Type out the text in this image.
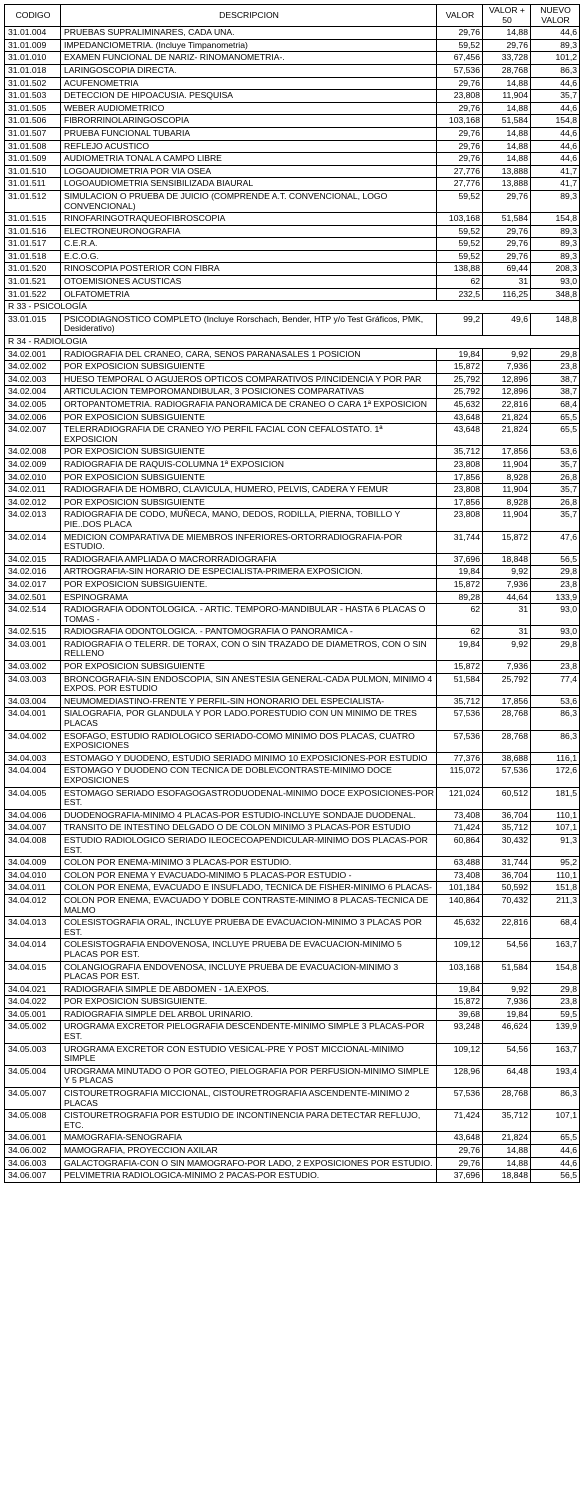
CODIGO	DESCRIPCION	VALOR	VALOR + 50	NUEVO VALOR
31.01.004	PRUEBAS SUPRALIMINARES, CADA UNA.	29,76	14,88	44,6
31.01.009	IMPEDANCIOMETRIA. (Incluye Timpanometria)	59,52	29,76	89,3
31.01.010	EXAMEN FUNCIONAL DE NARIZ- RINOMANOMETRIA-.	67,456	33,728	101,2
31.01.018	LARINGOSCOPIA DIRECTA.	57,536	28,768	86,3
31.01.502	ACUFENOMETRIA	29,76	14,88	44,6
31.01.503	DETECCION DE HIPOACUSIA. PESQUISA	23,808	11,904	35,7
31.01.505	WEBER AUDIOMETRICO	29,76	14,88	44,6
31.01.506	FIBRORRINOLARINGOSCOPIA	103,168	51,584	154,8
31.01.507	PRUEBA FUNCIONAL TUBARIA	29,76	14,88	44,6
31.01.508	REFLEJO ACUSTICO	29,76	14,88	44,6
31.01.509	AUDIOMETRIA TONAL A CAMPO LIBRE	29,76	14,88	44,6
31.01.510	LOGOAUDIOMETRIA POR VIA OSEA	27,776	13,888	41,7
31.01.511	LOGOAUDIOMETRIA SENSIBILIZADA BIAURAL	27,776	13,888	41,7
31.01.512	SIMULACION O PRUEBA DE JUICIO (COMPRENDE A.T. CONVENCIONAL, LOGO CONVENCIONAL)	59,52	29,76	89,3
31.01.515	RINOFARINGOTRAQUEOFIBROSCOPIA	103,168	51,584	154,8
31.01.516	ELECTRONEURONOGRAFIA	59,52	29,76	89,3
31.01.517	C.E.R.A.	59,52	29,76	89,3
31.01.518	E.C.O.G.	59,52	29,76	89,3
31.01.520	RINOSCOPIA POSTERIOR CON FIBRA	138,88	69,44	208,3
31.01.521	OTOEMISIONES ACUSTICAS	62	31	93,0
31.01.522	OLFATOMETRIA	232,5	116,25	348,8
R 33 - PSICOLOGÍA				
33.01.015	PSICODIAGNOSTICO COMPLETO (Incluye Rorschach, Bender, HTP y/o Test Gráficos, PMK, Desiderativo)	99,2	49,6	148,8
R 34 - RADIOLOGIA				
34.02.001	RADIOGRAFIA DEL CRANEO, CARA, SENOS PARANASALES 1 POSICION	19,84	9,92	29,8
34.02.002	POR EXPOSICION SUBSIGUIENTE	15,872	7,936	23,8
34.02.003	HUESO TEMPORAL O AGUJEROS OPTICOS COMPARATIVOS P/INCIDENCIA Y POR PAR	25,792	12,896	38,7
34.02.004	ARTICULACION TEMPOROMANDIBULAR, 3 POSICIONES COMPARATIVAS	25,792	12,896	38,7
34.02.005	ORTOPANTOMETRIA. RADIOGRAFIA PANORAMICA DE CRANEO O CARA 1ª EXPOSICION	45,632	22,816	68,4
34.02.006	POR EXPOSICION SUBSIGUIENTE	43,648	21,824	65,5
34.02.007	TELERRADIOGRAFIA DE CRANEO Y/O PERFIL FACIAL CON CEFALOSTATO. 1ª EXPOSICION	43,648	21,824	65,5
34.02.008	POR EXPOSICION SUBSIGUIENTE	35,712	17,856	53,6
34.02.009	RADIOGRAFIA DE RAQUIS-COLUMNA 1ª EXPOSICION	23,808	11,904	35,7
34.02.010	POR EXPOSICION SUBSIGUIENTE	17,856	8,928	26,8
34.02.011	RADIOGRAFIA DE HOMBRO, CLAVICULA, HUMERO, PELVIS, CADERA Y FEMUR	23,808	11,904	35,7
34.02.012	POR EXPOSICION SUBSIGUIENTE	17,856	8,928	26,8
34.02.013	RADIOGRAFIA DE CODO, MUÑECA, MANO, DEDOS, RODILLA, PIERNA, TOBILLO Y PIE..DOS PLACA	23,808	11,904	35,7
34.02.014	MEDICION COMPARATIVA DE MIEMBROS INFERIORES-ORTORRADIOGRAFIA-POR ESTUDIO.	31,744	15,872	47,6
34.02.015	RADIOGRAFIA AMPLIADA O MACRORRADIOGRAFIA	37,696	18,848	56,5
34.02.016	ARTROGRAFIA-SIN HORARIO DE ESPECIALISTA-PRIMERA EXPOSICION.	19,84	9,92	29,8
34.02.017	POR EXPOSICION SUBSIGUIENTE.	15,872	7,936	23,8
34.02.501	ESPINOGRAMA	89,28	44,64	133,9
34.02.514	RADIOGRAFIA ODONTOLOGICA. - ARTIC. TEMPORO-MANDIBULAR - HASTA 6 PLACAS O TOMAS -	62	31	93,0
34.02.515	RADIOGRAFIA ODONTOLOGICA. - PANTOMOGRAFIA O PANORAMICA -	62	31	93,0
34.03.001	RADIOGRAFIA O TELERR. DE TORAX, CON O SIN TRAZADO DE DIAMETROS, CON O SIN RELLENO	19,84	9,92	29,8
34.03.002	POR EXPOSICION SUBSIGUIENTE	15,872	7,936	23,8
34.03.003	BRONCOGRAFIA-SIN ENDOSCOPIA, SIN ANESTESIA GENERAL-CADA PULMON, MINIMO 4 EXPOS. POR ESTUDIO	51,584	25,792	77,4
34.03.004	NEUMOMEDIASTINO-FRENTE Y PERFIL-SIN HONORARIO DEL ESPECIALISTA-	35,712	17,856	53,6
34.04.001	SIALOGRAFIA, POR GLANDULA Y POR LADO.PORESTUDIO CON UN MINIMO DE TRES PLACAS	57,536	28,768	86,3
34.04.002	ESOFAGO, ESTUDIO RADIOLOGICO SERIADO-COMO MINIMO DOS PLACAS, CUATRO EXPOSICIONES	57,536	28,768	86,3
34.04.003	ESTOMAGO Y DUODENO, ESTUDIO SERIADO MINIMO 10 EXPOSICIONES-POR ESTUDIO	77,376	38,688	116,1
34.04.004	ESTOMAGO Y DUODENO CON TECNICA DE DOBLE\CONTRASTE-MINIMO DOCE EXPOSICIONES	115,072	57,536	172,6
34.04.005	ESTOMAGO SERIADO ESOFAGOGASTRODUODENAL-MINIMO DOCE EXPOSICIONES-POR EST.	121,024	60,512	181,5
34.04.006	DUODENOGRAFIA-MINIMO 4 PLACAS-POR ESTUDIO-INCLUYE SONDAJE DUODENAL.	73,408	36,704	110,1
34.04.007	TRANSITO DE INTESTINO DELGADO O DE COLON MINIMO 3 PLACAS-POR ESTUDIO	71,424	35,712	107,1
34.04.008	ESTUDIO RADIOLOGICO SERIADO ILEOCECOAPENDICULAR-MINIMO DOS PLACAS-POR EST.	60,864	30,432	91,3
34.04.009	COLON POR ENEMA-MINIMO 3 PLACAS-POR ESTUDIO.	63,488	31,744	95,2
34.04.010	COLON POR ENEMA Y EVACUADO-MINIMO 5 PLACAS-POR ESTUDIO -	73,408	36,704	110,1
34.04.011	COLON POR ENEMA, EVACUADO E INSUFLADO, TECNICA DE FISHER-MINIMO 6 PLACAS-	101,184	50,592	151,8
34.04.012	COLON POR ENEMA, EVACUADO Y DOBLE CONTRASTE-MINIMO 8 PLACAS-TECNICA DE MALMO	140,864	70,432	211,3
34.04.013	COLESISTOGRAFIA ORAL, INCLUYE PRUEBA DE EVACUACION-MINIMO 3 PLACAS POR EST.	45,632	22,816	68,4
34.04.014	COLESISTOGRAFIA ENDOVENOSA, INCLUYE PRUEBA DE EVACUACION-MINIMO 5 PLACAS POR EST.	109,12	54,56	163,7
34.04.015	COLANGIOGRAFIA ENDOVENOSA, INCLUYE PRUEBA DE EVACUACION-MINIMO 3 PLACAS POR EST.	103,168	51,584	154,8
34.04.021	RADIOGRAFIA SIMPLE DE ABDOMEN - 1A.EXPOS.	19,84	9,92	29,8
34.04.022	POR EXPOSICION SUBSIGUIENTE.	15,872	7,936	23,8
34.05.001	RADIOGRAFIA SIMPLE DEL ARBOL URINARIO.	39,68	19,84	59,5
34.05.002	UROGRAMA EXCRETOR PIELOGRAFIA DESCENDENTE-MINIMO SIMPLE 3 PLACAS-POR EST.	93,248	46,624	139,9
34.05.003	UROGRAMA EXCRETOR CON ESTUDIO VESICAL-PRE Y POST MICCIONAL-MINIMO SIMPLE	109,12	54,56	163,7
34.05.004	UROGRAMA MINUTADO O POR GOTEO, PIELOGRAFIA POR PERFUSION-MINIMO SIMPLE Y 5 PLACAS	128,96	64,48	193,4
34.05.007	CISTOURETROGRAFIA MICCIONAL, CISTOURETROGRAFIA ASCENDENTE-MINIMO 2 PLACAS	57,536	28,768	86,3
34.05.008	CISTOURETROGRAFIA POR ESTUDIO DE INCONTINENCIA PARA DETECTAR REFLUJO, ETC.	71,424	35,712	107,1
34.06.001	MAMOGRAFIA-SENOGRAFIA	43,648	21,824	65,5
34.06.002	MAMOGRAFIA, PROYECCION AXILAR	29,76	14,88	44,6
34.06.003	GALACTOGRAFIA-CON O SIN MAMOGRAFO-POR LADO, 2 EXPOSICIONES POR ESTUDIO.	29,76	14,88	44,6
34.06.007	PELVIMETRIA RADIOLOGICA-MINIMO 2 PACAS-POR ESTUDIO.	37,696	18,848	56,5
